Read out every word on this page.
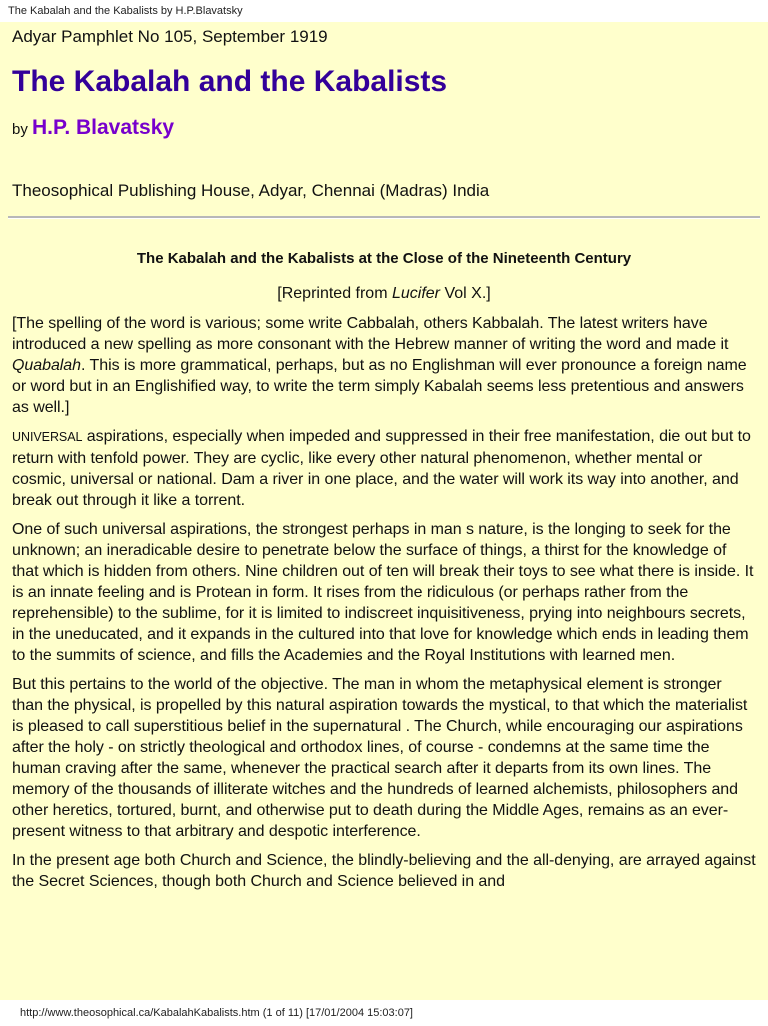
The Kabalah and the Kabalists by H.P.Blavatsky
Adyar Pamphlet No 105, September 1919
The Kabalah and the Kabalists
by H.P. Blavatsky
Theosophical Publishing House, Adyar, Chennai (Madras) India
The Kabalah and the Kabalists at the Close of the Nineteenth Century
[Reprinted from Lucifer Vol X.]

[The spelling of the word is various; some write Cabbalah, others Kabbalah. The latest writers have introduced a new spelling as more consonant with the Hebrew manner of writing the word and made it Quabalah. This is more grammatical, perhaps, but as no Englishman will ever pronounce a foreign name or word but in an Englishified way, to write the term simply Kabalah seems less pretentious and answers as well.]

UNIVERSAL aspirations, especially when impeded and suppressed in their free manifestation, die out but to return with tenfold power. They are cyclic, like every other natural phenomenon, whether mental or cosmic, universal or national. Dam a river in one place, and the water will work its way into another, and break out through it like a torrent.

One of such universal aspirations, the strongest perhaps in man s nature, is the longing to seek for the unknown; an ineradicable desire to penetrate below the surface of things, a thirst for the knowledge of that which is hidden from others. Nine children out of ten will break their toys to see what there is inside. It is an innate feeling and is Protean in form. It rises from the ridiculous (or perhaps rather from the reprehensible) to the sublime, for it is limited to indiscreet inquisitiveness, prying into neighbours secrets, in the uneducated, and it expands in the cultured into that love for knowledge which ends in leading them to the summits of science, and fills the Academies and the Royal Institutions with learned men.

But this pertains to the world of the objective. The man in whom the metaphysical element is stronger than the physical, is propelled by this natural aspiration towards the mystical, to that which the materialist is pleased to call superstitious belief in the supernatural . The Church, while encouraging our aspirations after the holy - on strictly theological and orthodox lines, of course - condemns at the same time the human craving after the same, whenever the practical search after it departs from its own lines. The memory of the thousands of illiterate witches and the hundreds of learned alchemists, philosophers and other heretics, tortured, burnt, and otherwise put to death during the Middle Ages, remains as an ever-present witness to that arbitrary and despotic interference.

In the present age both Church and Science, the blindly-believing and the all-denying, are arrayed against the Secret Sciences, though both Church and Science believed in and

http://www.theosophical.ca/KabalahKabalists.htm (1 of 11) [17/01/2004 15:03:07]
